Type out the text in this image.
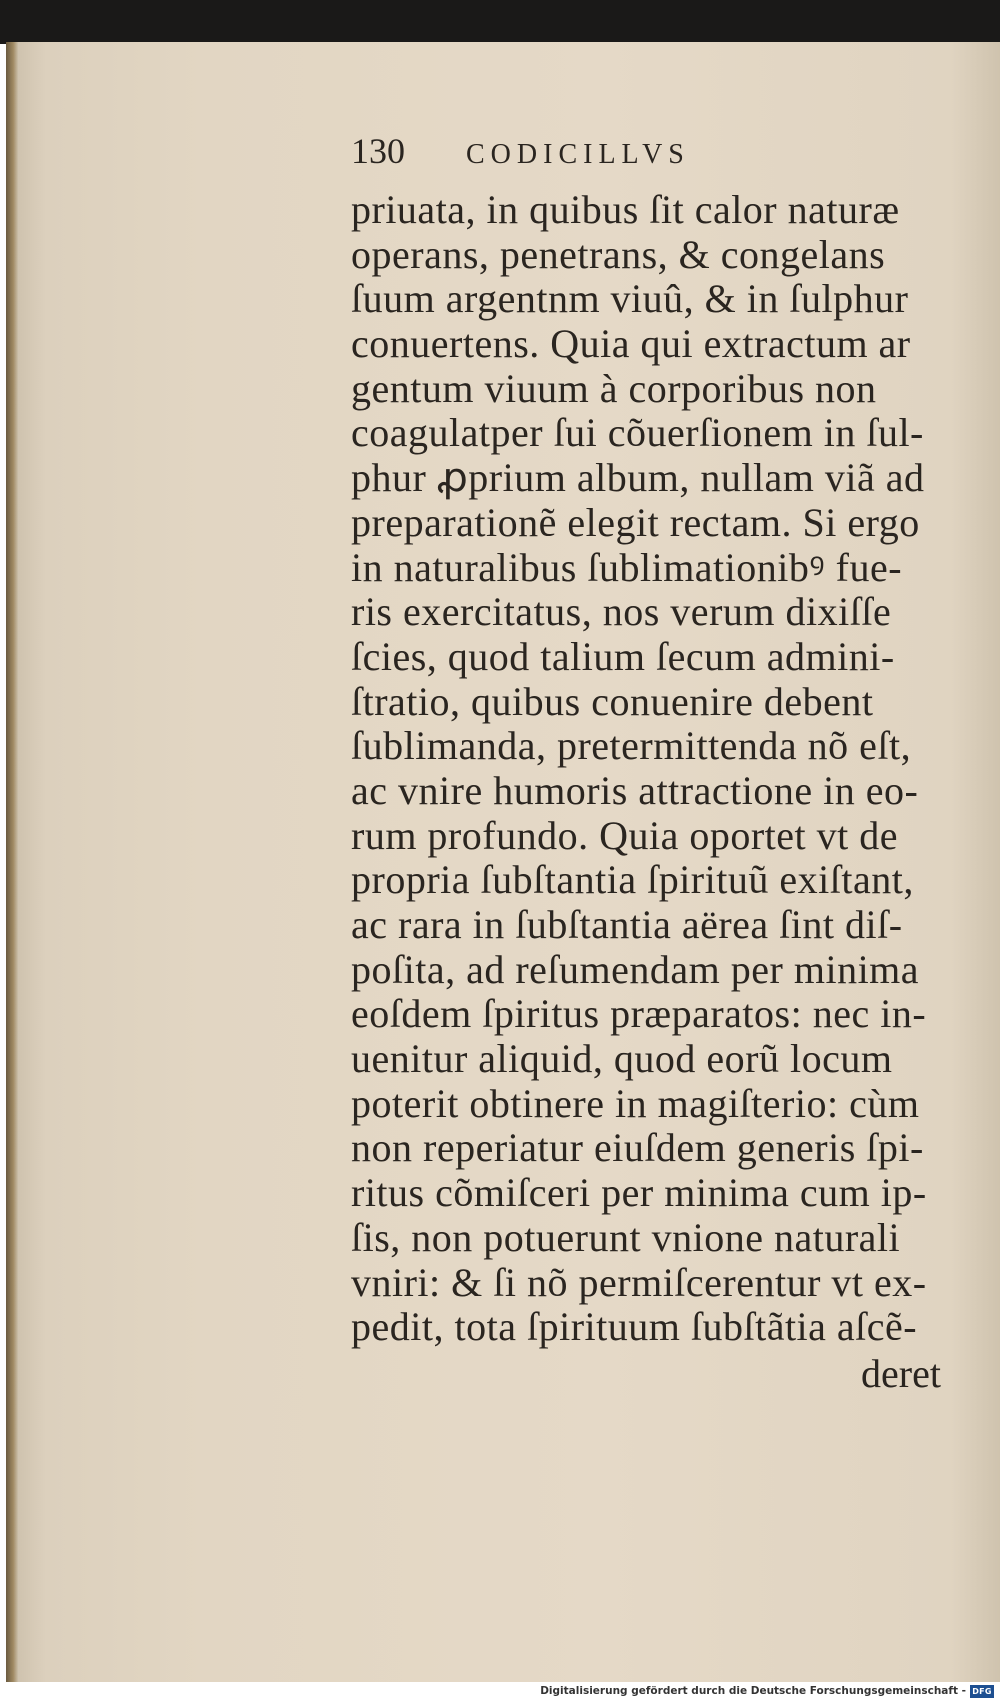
130	CODICILLVS
priuata, in quibus ſit calor naturæ
operans, penetrans, & congelans
ſuum argentnm viuû, & in ſulphur
conuertens. Quia qui extractum ar
gentum viuum à corporibus non
coagulatper ſui cõuerſionem in ſul-
phur ꝓprium album, nullam viã ad
preparationẽ elegit rectam. Si ergo
in naturalibus ſublimationibꝰ fue-
ris exercitatus, nos verum dixiſſe
ſcies, quod talium ſecum admini-
ſtratio, quibus conuenire debent
ſublimanda, pretermittenda nõ eſt,
ac vnire humoris attractione in eo-
rum profundo. Quia oportet vt de
propria ſubſtantia ſpirituũ exiſtant,
ac rara in ſubſtantia aërea ſint diſ-
poſita, ad reſumendam per minima
eoſdem ſpiritus præparatos: nec in-
uenitur aliquid, quod eorũ locum
poterit obtinere in magiſterio: cùm
non reperiatur eiuſdem generis ſpi-
ritus cõmiſceri per minima cum ip-
ſis, non potuerunt vnione naturali
vniri: & ſi nõ permiſcerentur vt ex-
pedit, tota ſpirituum ſubſtãtia aſcẽ-
deret
Digitalisierung gefördert durch die Deutsche Forschungsgemeinschaft - DFG
